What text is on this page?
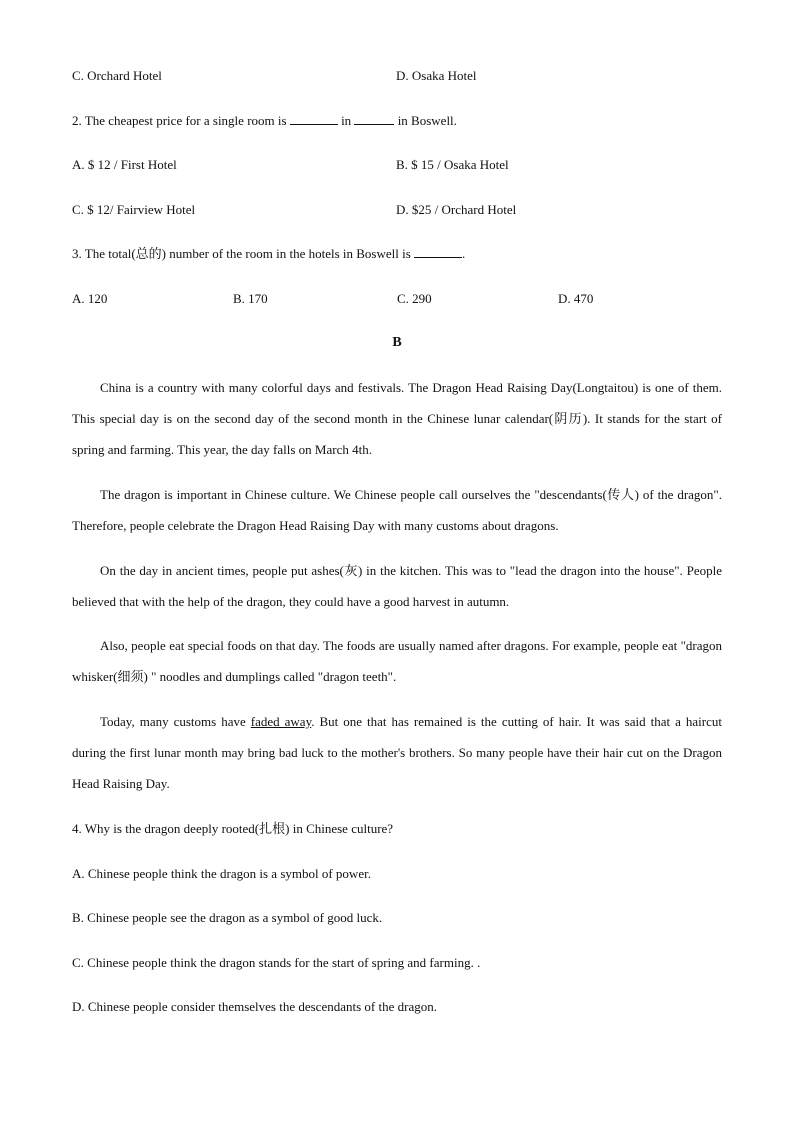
C. Orchard Hotel	D. Osaka Hotel
2. The cheapest price for a single room is	in	in Boswell.
A. $ 12 / First Hotel	B. $ 15 / Osaka Hotel
C. $ 12/ Fairview Hotel	D. $25 / Orchard Hotel
3. The total(总的) number of the room in the hotels in Boswell is	.
A. 120	B. 170	C. 290	D. 470
B
China is a country with many colorful days and festivals. The Dragon Head Raising Day(Longtaitou) is one of them. This special day is on the second day of the second month in the Chinese lunar calendar(阴历). It stands for the start of spring and farming. This year, the day falls on March 4th.
The dragon is important in Chinese culture. We Chinese people call ourselves the "descendants(传人) of the dragon". Therefore, people celebrate the Dragon Head Raising Day with many customs about dragons.
On the day in ancient times, people put ashes(灰) in the kitchen. This was to "lead the dragon into the house". People believed that with the help of the dragon, they could have a good harvest in autumn.
Also, people eat special foods on that day. The foods are usually named after dragons. For example, people eat "dragon whisker(细须) " noodles and dumplings called "dragon teeth".
Today, many customs have faded away. But one that has remained is the cutting of hair. It was said that a haircut during the first lunar month may bring bad luck to the mother's brothers. So many people have their hair cut on the Dragon Head Raising Day.
4. Why is the dragon deeply rooted(扎根) in Chinese culture?
A. Chinese people think the dragon is a symbol of power.
B. Chinese people see the dragon as a symbol of good luck.
C. Chinese people think the dragon stands for the start of spring and farming. .
D. Chinese people consider themselves the descendants of the dragon.
